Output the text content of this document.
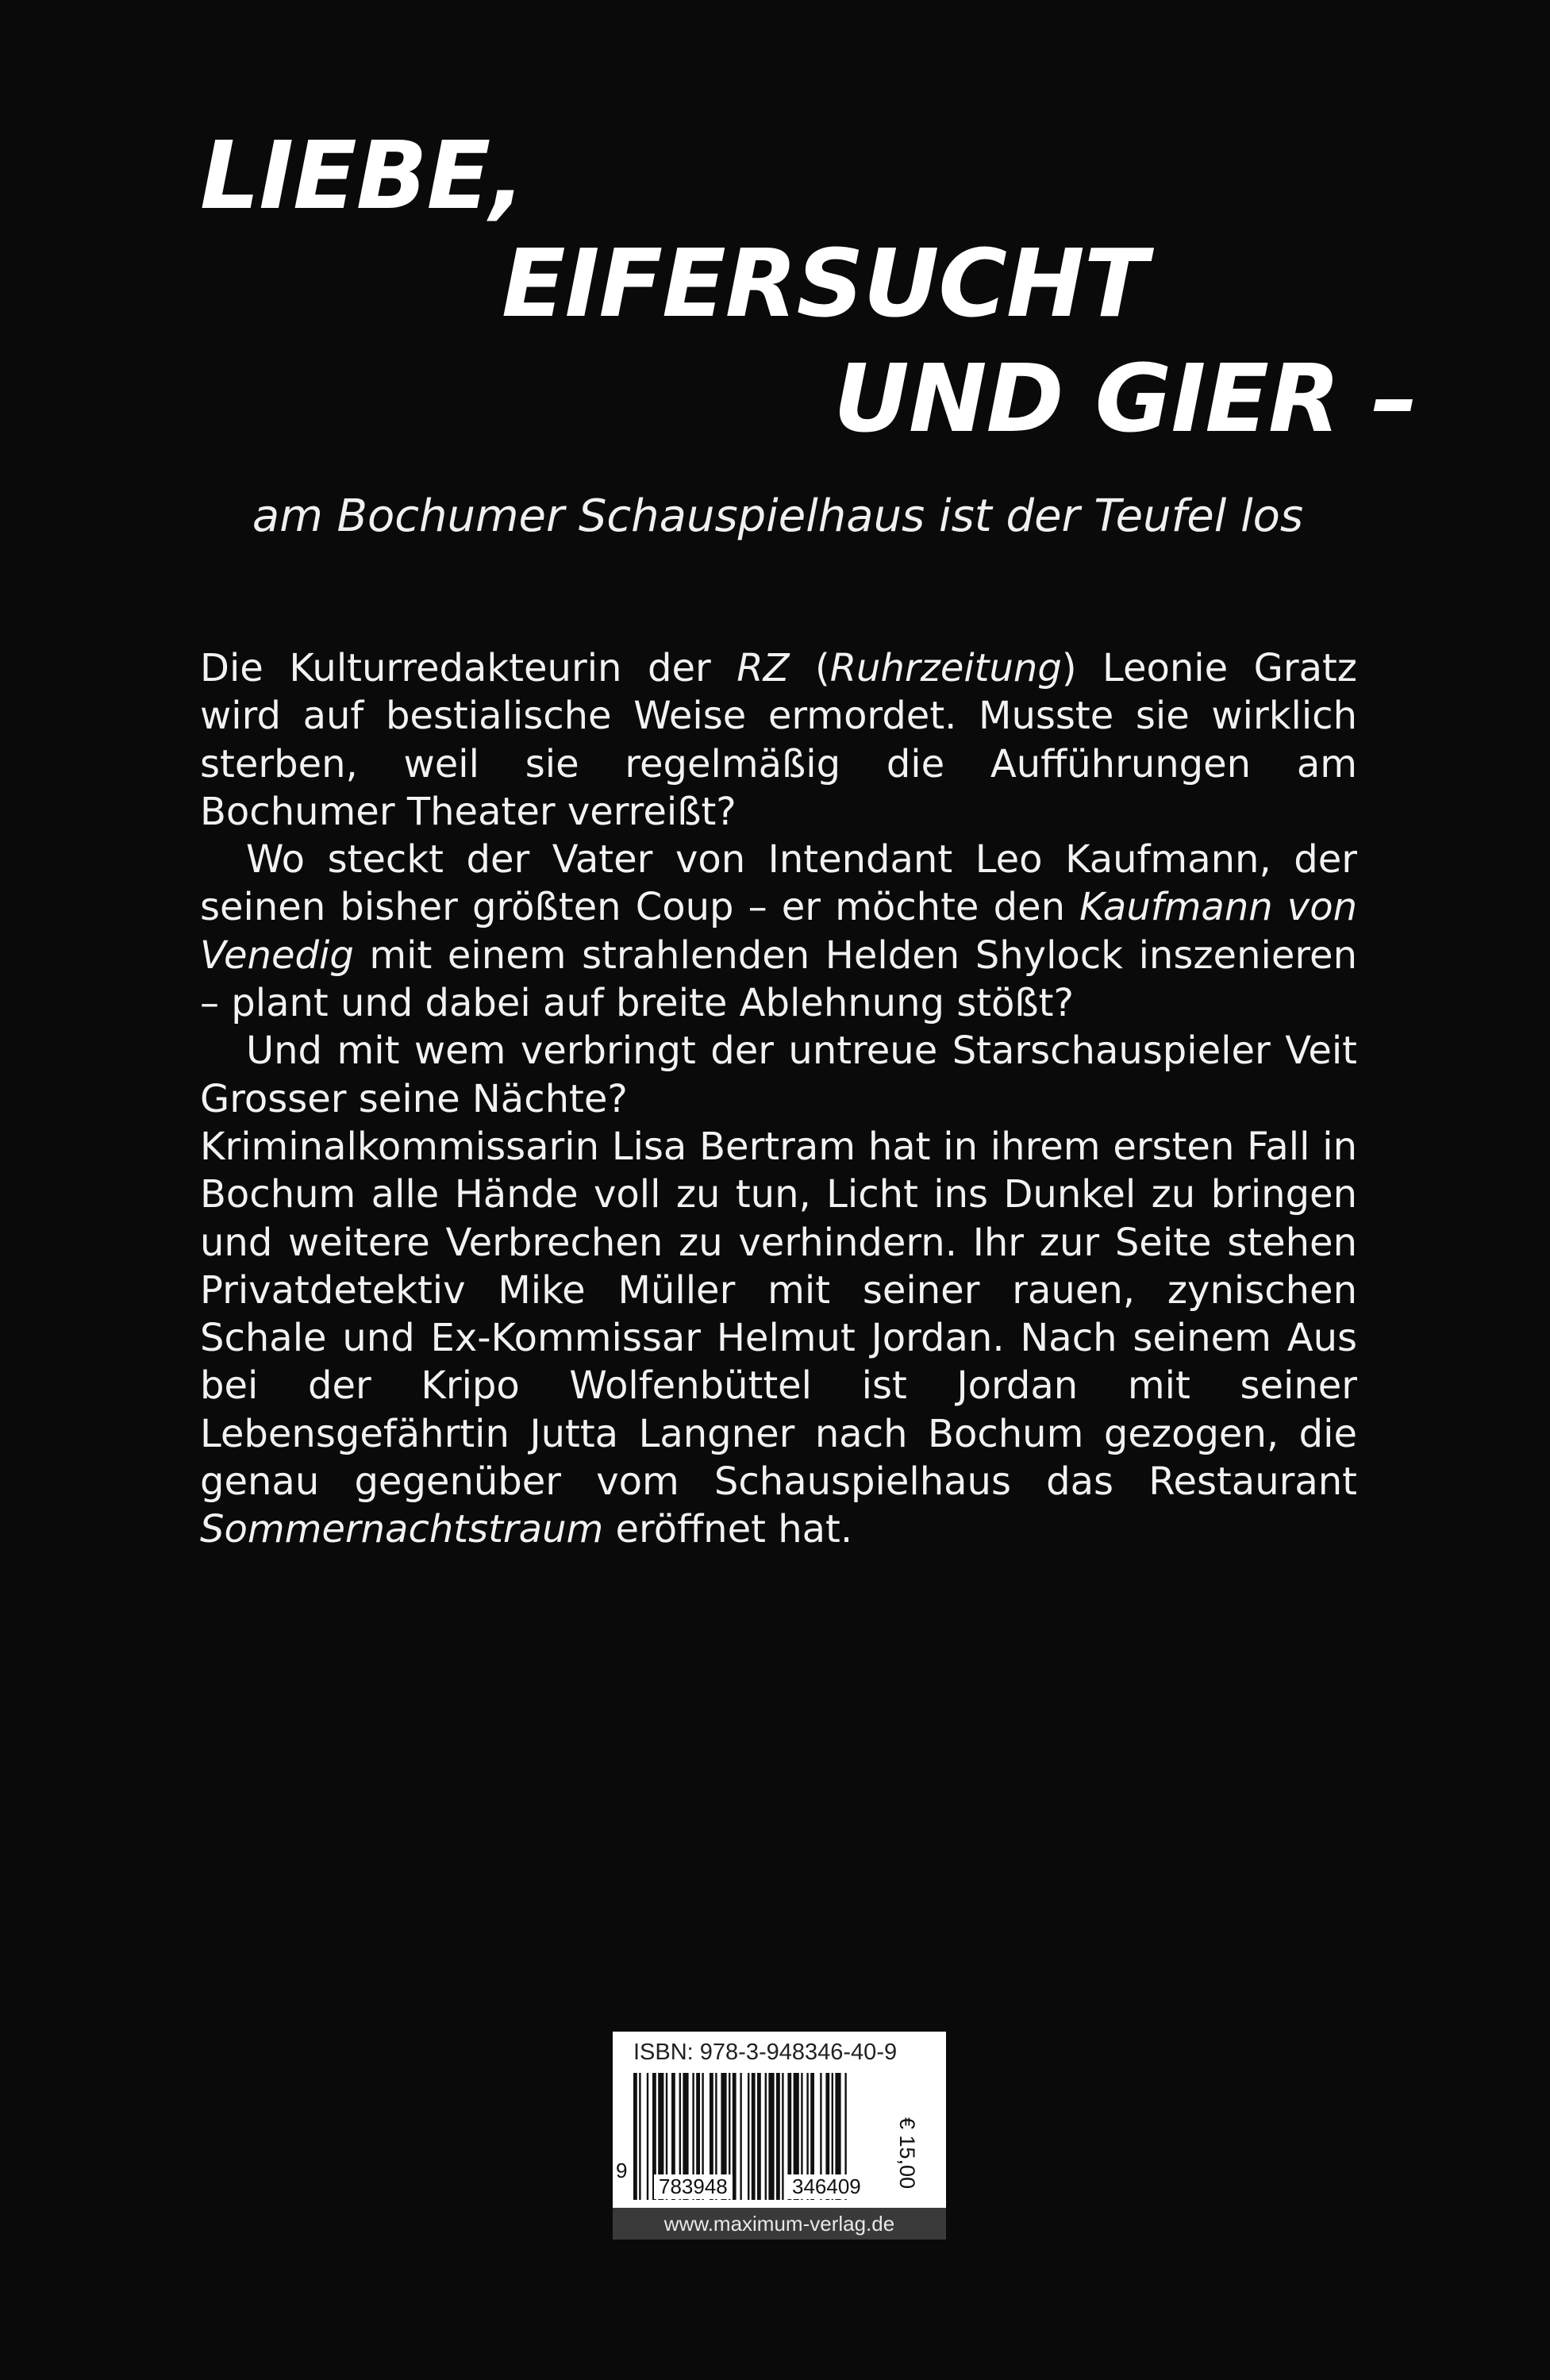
LIEBE,
EIFERSUCHT
UND GIER –
am Bochumer Schauspielhaus ist der Teufel los

Die Kulturredakteurin der RZ (Ruhrzeitung) Leonie Gratz wird auf bestialische Weise ermordet. Musste sie wirklich sterben, weil sie regelmäßig die Aufführungen am Bochumer Theater verreißt?

Wo steckt der Vater von Intendant Leo Kaufmann, der seinen bisher größten Coup – er möchte den Kaufmann von Venedig mit einem strahlenden Helden Shylock inszenieren – plant und dabei auf breite Ablehnung stößt?

Und mit wem verbringt der untreue Starschauspieler Veit Grosser seine Nächte?

Kriminalkommissarin Lisa Bertram hat in ihrem ersten Fall in Bochum alle Hände voll zu tun, Licht ins Dunkel zu bringen und weitere Verbrechen zu verhindern. Ihr zur Seite stehen Privatdetektiv Mike Müller mit seiner rauen, zynischen Schale und Ex-Kommissar Helmut Jordan. Nach seinem Aus bei der Kripo Wolfenbüttel ist Jordan mit seiner Lebensgefährtin Jutta Langner nach Bochum gezogen, die genau gegenüber vom Schauspielhaus das Restaurant Sommernachtstraum eröffnet hat.

ISBN: 978-3-948346-40-9
9
783948	346409 € 15,00
www.maximum-verlag.de
